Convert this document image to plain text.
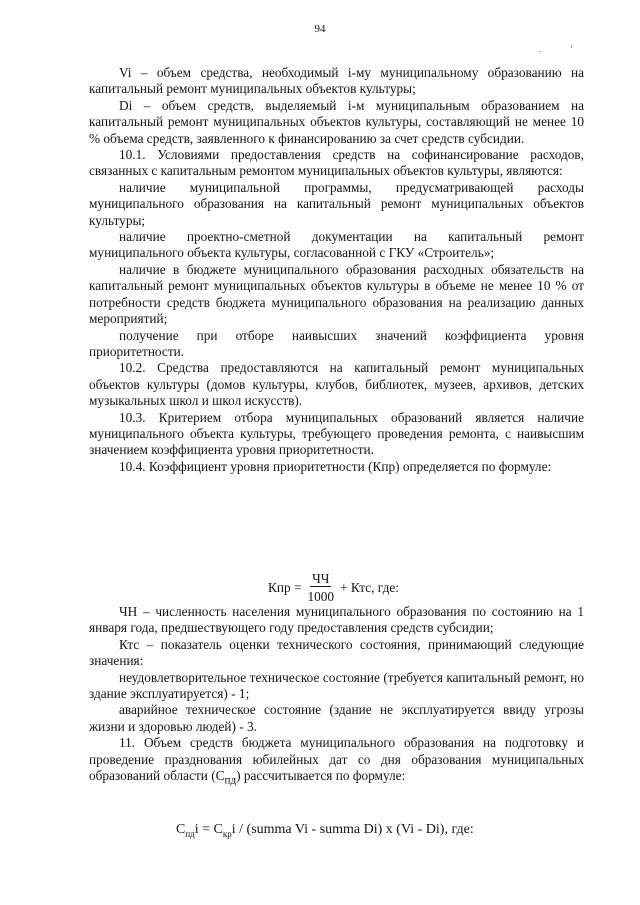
94
.	’

Vi – объем средства, необходимый i-му муниципальному образованию на капитальный ремонт муниципальных объектов культуры;

Di – объем средств, выделяемый i-м муниципальным образованием на капитальный ремонт муниципальных объектов культуры, составляющий не менее 10 % объема средств, заявленного к финансированию за счет средств субсидии.

10.1. Условиями предоставления средств на софинансирование расходов, связанных с капитальным ремонтом муниципальных объектов культуры, являются:

наличие муниципальной программы, предусматривающей расходы муниципального образования на капитальный ремонт муниципальных объектов культуры;

наличие проектно-сметной документации на капитальный ремонт муниципального объекта культуры, согласованной с ГКУ «Строитель»;

наличие в бюджете муниципального образования расходных обязательств на капитальный ремонт муниципальных объектов культуры в объеме не менее 10 % от потребности средств бюджета муниципального образования на реализацию данных мероприятий;

получение при отборе наивысших значений коэффициента уровня приоритетности.

10.2. Средства предоставляются на капитальный ремонт муниципальных объектов культуры (домов культуры, клубов, библиотек, музеев, архивов, детских музыкальных школ и школ искусств).

10.3. Критерием отбора муниципальных образований является наличие муниципального объекта культуры, требующего проведения ремонта, с наивысшим значением коэффициента уровня приоритетности.

10.4. Коэффициент уровня приоритетности (Кпр) определяется по формуле:

Кпр = $\frac{ЧЧ}{1000}$ + Ктс, где:

ЧН – численность населения муниципального образования по состоянию на 1 января года, предшествующего году предоставления средств субсидии;

Ктс – показатель оценки технического состояния, принимающий следующие значения:

неудовлетворительное техническое состояние (требуется капитальный ремонт, но здание эксплуатируется) - 1;

аварийное техническое состояние (здание не эксплуатируется ввиду угрозы жизни и здоровью людей) - 3.

11. Объем средств бюджета муниципального образования на подготовку и проведение празднования юбилейных дат со дня образования муниципальных образований области $(C_{пд})$ рассчитывается по формуле:

$C_{пд}i = C_{кр}i$ / (summa Vi - summa Di) x (Vi - Di), где:
